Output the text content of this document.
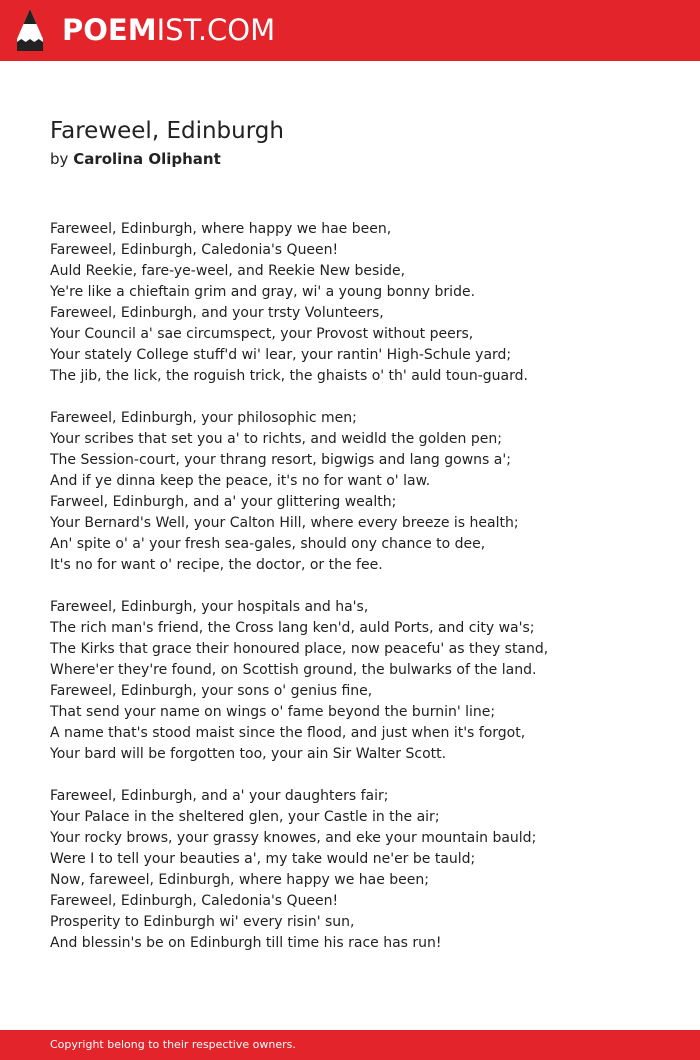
POEMIST.COM
Fareweel, Edinburgh
by Carolina Oliphant
Fareweel, Edinburgh, where happy we hae been,
Fareweel, Edinburgh, Caledonia's Queen!
Auld Reekie, fare-ye-weel, and Reekie New beside,
Ye're like a chieftain grim and gray, wi' a young bonny bride.
Fareweel, Edinburgh, and your trsty Volunteers,
Your Council a' sae circumspect, your Provost without peers,
Your stately College stuff'd wi' lear, your rantin' High-Schule yard;
The jib, the lick, the roguish trick, the ghaists o' th' auld toun-guard.
Fareweel, Edinburgh, your philosophic men;
Your scribes that set you a' to richts, and weidld the golden pen;
The Session-court, your thrang resort, bigwigs and lang gowns a';
And if ye dinna keep the peace, it's no for want o' law.
Farweel, Edinburgh, and a' your glittering wealth;
Your Bernard's Well, your Calton Hill, where every breeze is health;
An' spite o' a' your fresh sea-gales, should ony chance to dee,
It's no for want o' recipe, the doctor, or the fee.
Fareweel, Edinburgh, your hospitals and ha's,
The rich man's friend, the Cross lang ken'd, auld Ports, and city wa's;
The Kirks that grace their honoured place, now peacefu' as they stand,
Where'er they're found, on Scottish ground, the bulwarks of the land.
Fareweel, Edinburgh, your sons o' genius fine,
That send your name on wings o' fame beyond the burnin' line;
A name that's stood maist since the flood, and just when it's forgot,
Your bard will be forgotten too, your ain Sir Walter Scott.
Fareweel, Edinburgh, and a' your daughters fair;
Your Palace in the sheltered glen, your Castle in the air;
Your rocky brows, your grassy knowes, and eke your mountain bauld;
Were I to tell your beauties a', my take would ne'er be tauld;
Now, fareweel, Edinburgh, where happy we hae been;
Fareweel, Edinburgh, Caledonia's Queen!
Prosperity to Edinburgh wi' every risin' sun,
And blessin's be on Edinburgh till time his race has run!
Copyright belong to their respective owners.
